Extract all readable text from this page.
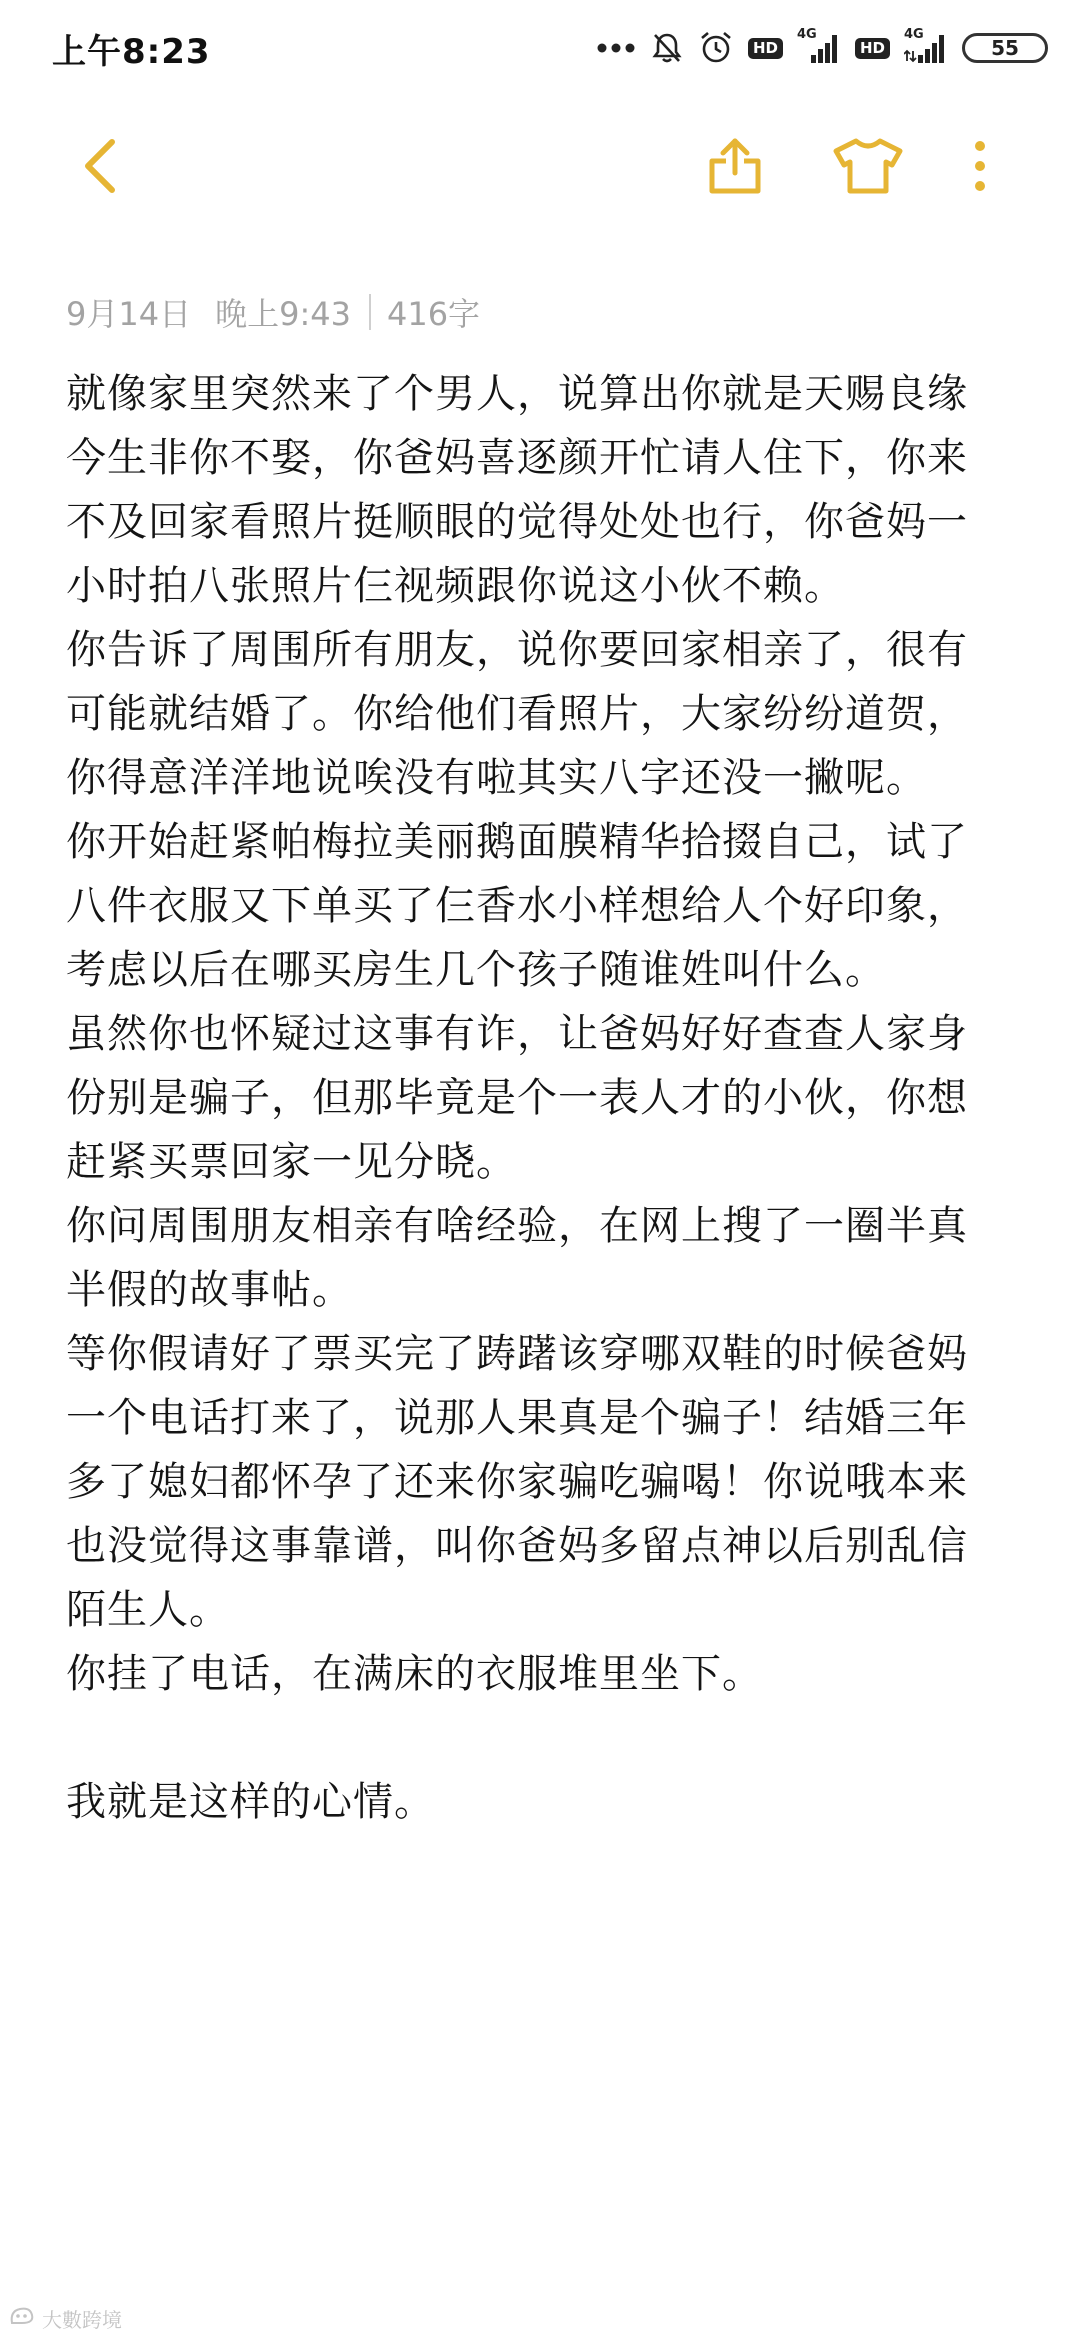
上午8:23	HD
4G
HD
4G
55
9月14日 晚上9:43 416字

就像家里突然来了个男人，说算出你就是天赐良缘今生非你不娶，你爸妈喜逐颜开忙请人住下，你来不及回家看照片挺顺眼的觉得处处也行，你爸妈一小时拍八张照片仨视频跟你说这小伙不赖。

你告诉了周围所有朋友，说你要回家相亲了，很有可能就结婚了。你给他们看照片，大家纷纷道贺，你得意洋洋地说唉没有啦其实八字还没一撇呢。

你开始赶紧帕梅拉美丽鹅面膜精华拾掇自己，试了八件衣服又下单买了仨香水小样想给人个好印象，考虑以后在哪买房生几个孩子随谁姓叫什么。

虽然你也怀疑过这事有诈，让爸妈好好查查人家身份别是骗子，但那毕竟是个一表人才的小伙，你想赶紧买票回家一见分晓。

你问周围朋友相亲有啥经验，在网上搜了一圈半真半假的故事帖。

等你假请好了票买完了踌躇该穿哪双鞋的时候爸妈一个电话打来了，说那人果真是个骗子！结婚三年多了媳妇都怀孕了还来你家骗吃骗喝！你说哦本来也没觉得这事靠谱，叫你爸妈多留点神以后别乱信陌生人。

你挂了电话，在满床的衣服堆里坐下。

我就是这样的心情。

大數跨境
